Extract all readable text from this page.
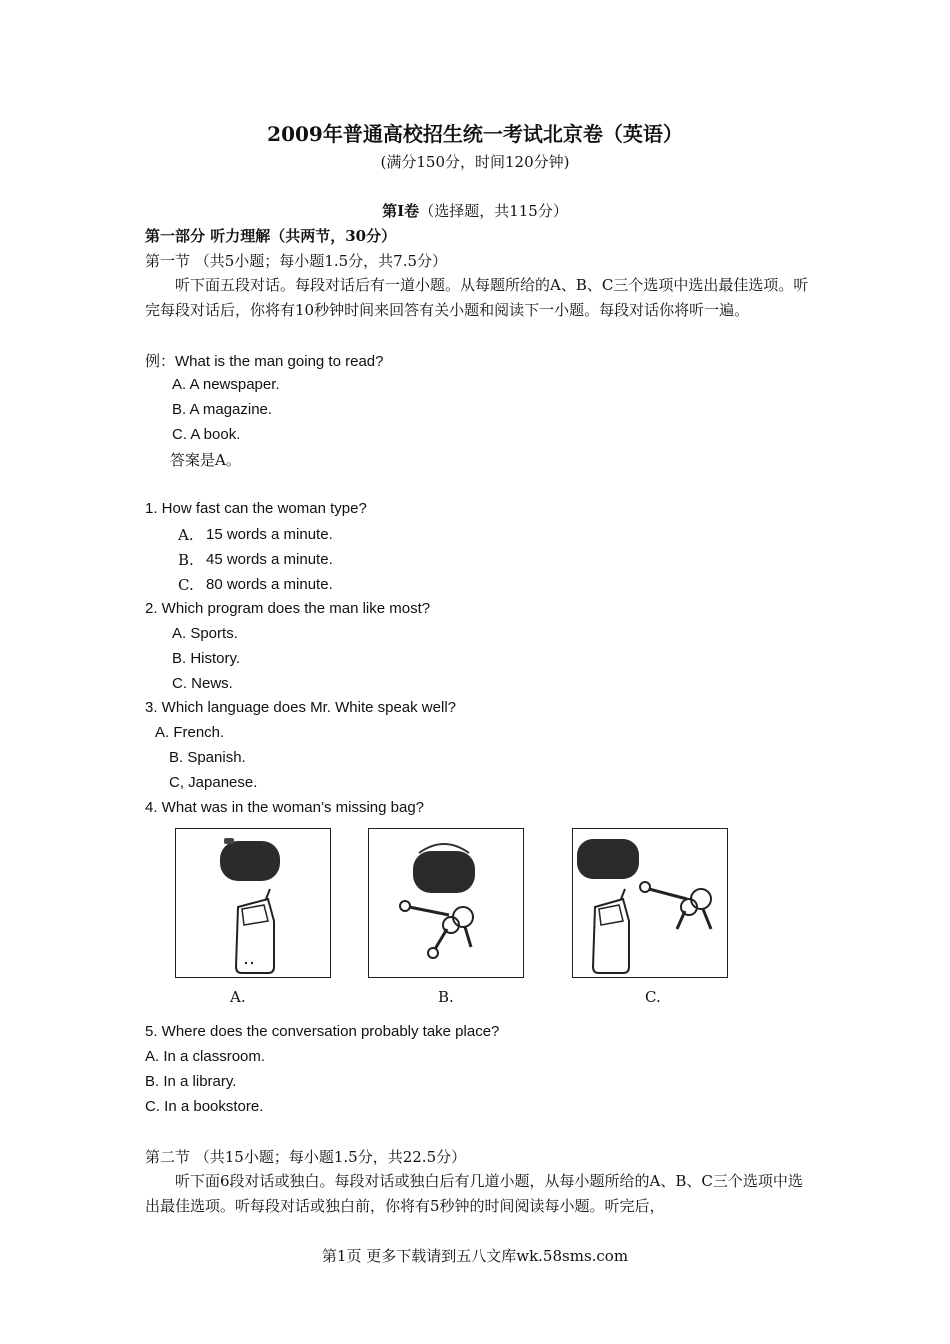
2009年普通高校招生统一考试北京卷（英语）
(满分150分，时间120分钟)
第I卷（选择题，共115分）
第一部分 听力理解（共两节，30分）
第一节 （共5小题；每小题1.5分，共7.5分）
听下面五段对话。每段对话后有一道小题。从每题所给的A、B、C三个选项中选出最佳选项。听完每段对话后，你将有10秒钟时间来回答有关小题和阅读下一小题。每段对话你将听一遍。
例：What is the man going to read?
A. A newspaper.
B. A magazine.
C. A book.
答案是A。
1. How fast can the woman type?
A. 15 words a minute.
B. 45 words a minute.
C. 80 words a minute.
2. Which program does the man like most?
A. Sports.
B. History.
C. News.
3. Which language does Mr. White speak well?
A. French.
B. Spanish.
C, Japanese.
4. What was in the woman’s missing bag?
A.	B.	C.
5. Where does the conversation probably take place?
A. In a classroom.
B. In a library.
C. In a bookstore.
第二节 （共15小题；每小题1.5分，共22.5分）
听下面6段对话或独白。每段对话或独白后有几道小题，从每小题所给的A、B、C三个选项中选出最佳选项。听每段对话或独白前，你将有5秒钟的时间阅读每小题。听完后，
第1页 更多下载请到五八文库wk.58sms.com
